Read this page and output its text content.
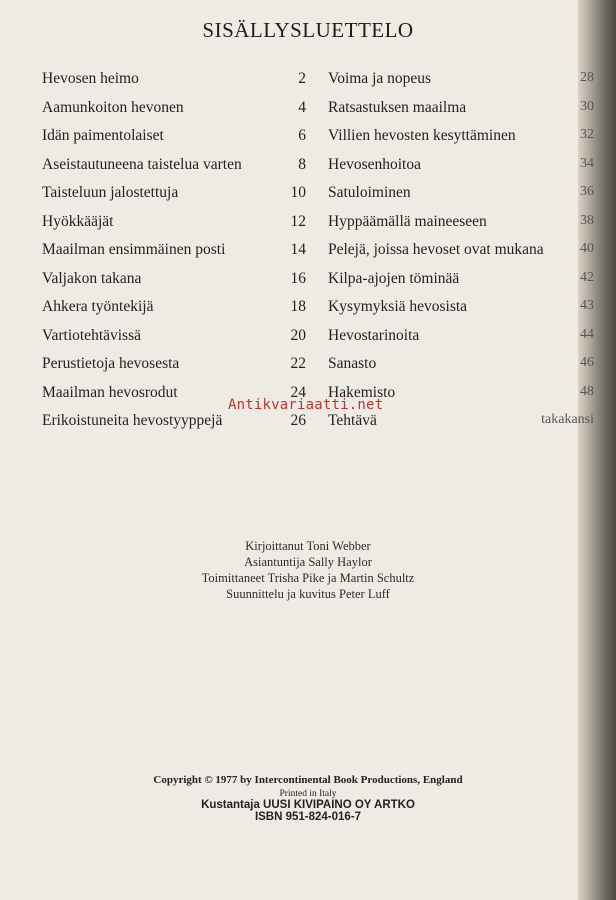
SISÄLLYSLUETTELO
Hevosen heimo	2
Aamunkoiton hevonen	4
Idän paimentolaiset	6
Aseistautuneena taistelua varten	8
Taisteluun jalostettuja	10
Hyökkääjät	12
Maailman ensimmäinen posti	14
Valjakon takana	16
Ahkera työntekijä	18
Vartiotehtävissä	20
Perustietoja hevosesta	22
Maailman hevosrodut	24
Erikoistuneita hevostyyppejä	26
Voima ja nopeus	28
Ratsastuksen maailma	30
Villien hevosten kesyttäminen	32
Hevosenhoitoa	34
Satuloiminen	36
Hyppäämällä maineeseen	38
Pelejä, joissa hevoset ovat mukana	40
Kilpa-ajojen töminää	42
Kysymyksiä hevosista	43
Hevostarinoita	44
Sanasto	46
Hakemisto	48
Tehtävä	takakansi
Antikvariaatti.net
Kirjoittanut Toni Webber
Asiantuntija Sally Haylor
Toimittaneet Trisha Pike ja Martin Schultz
Suunnittelu ja kuvitus Peter Luff
Copyright © 1977 by Intercontinental Book Productions, England
Printed in Italy
Kustantaja UUSI KIVIPAINO OY ARTKO
ISBN 951-824-016-7
